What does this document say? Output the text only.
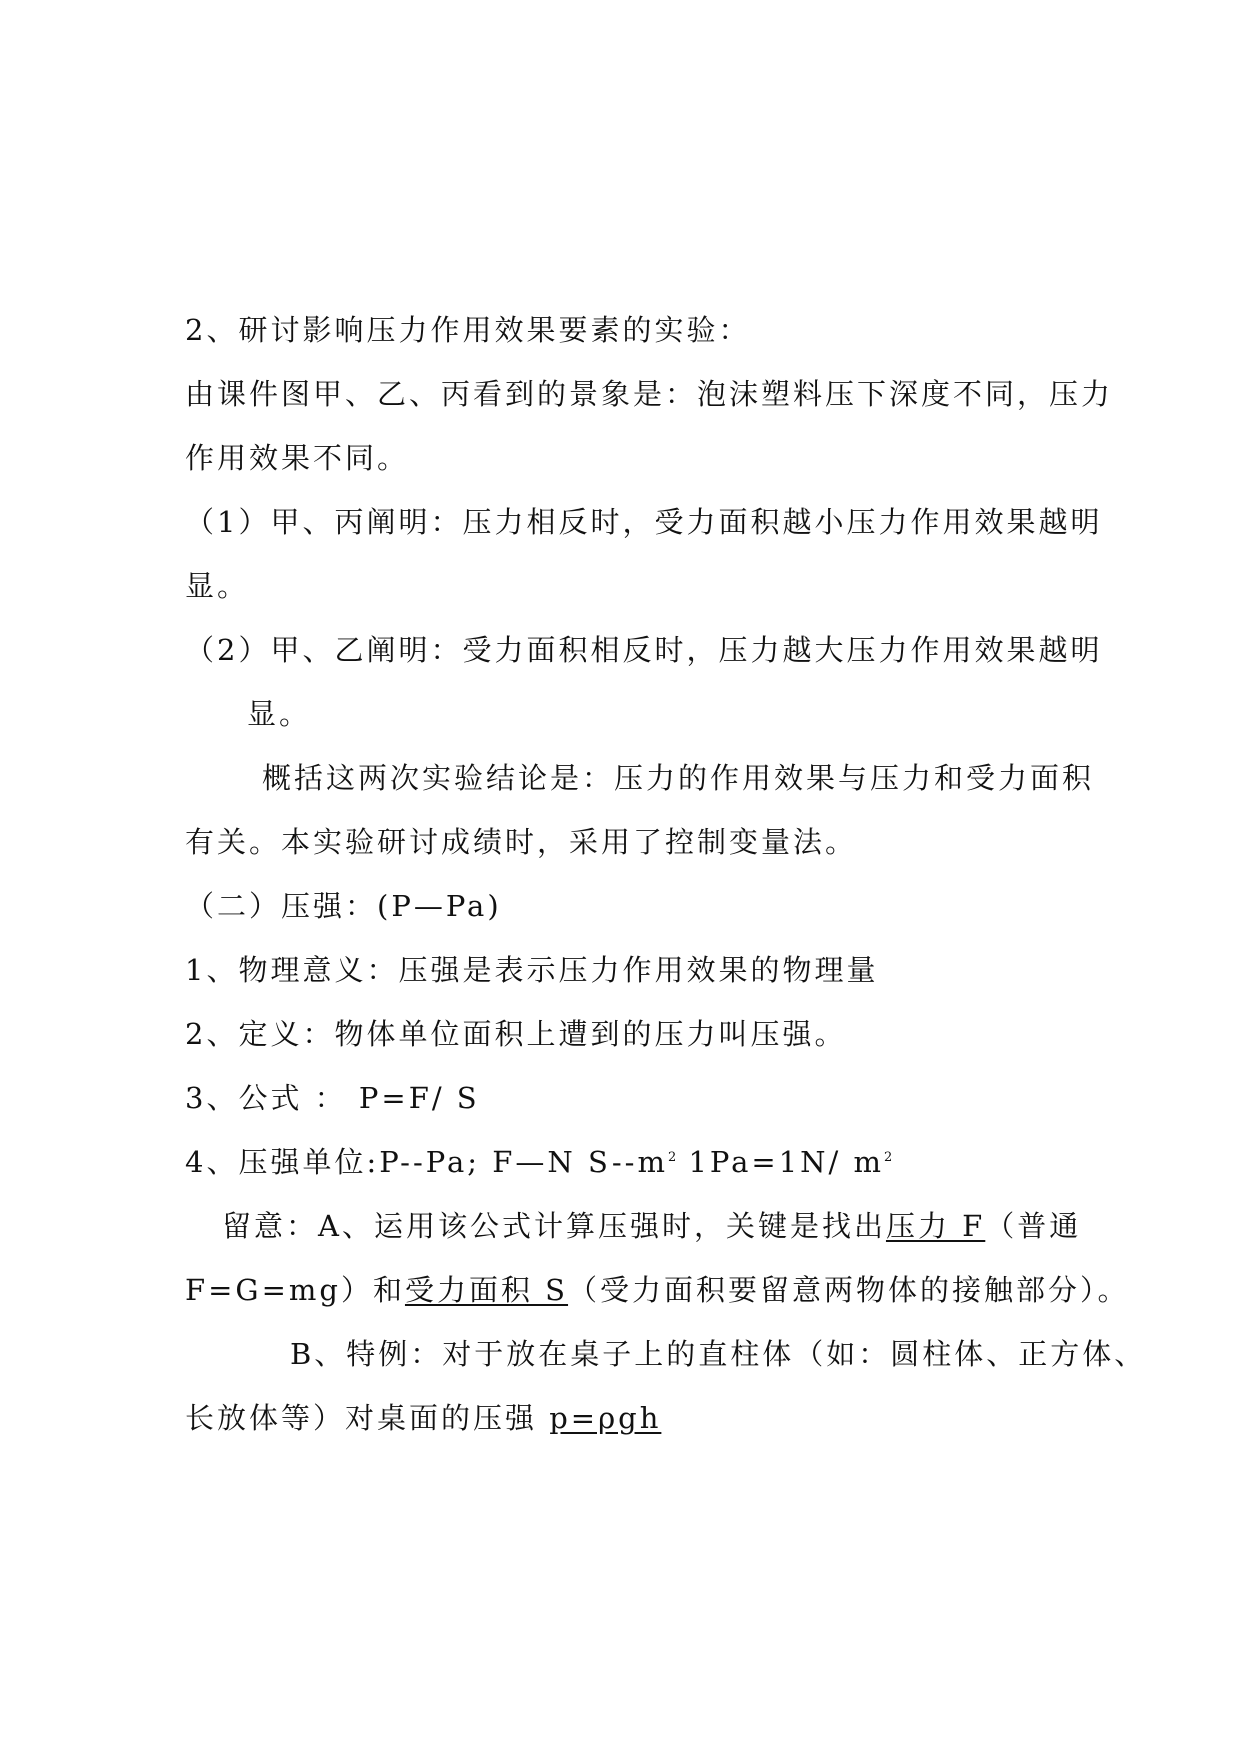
2、研讨影响压力作用效果要素的实验：
由课件图甲、乙、丙看到的景象是：泡沫塑料压下深度不同，压力
作用效果不同。
（1）甲、丙阐明：压力相反时，受力面积越小压力作用效果越明
显。
（2）甲、乙阐明：受力面积相反时，压力越大压力作用效果越明
显。
概括这两次实验结论是：压力的作用效果与压力和受力面积
有关。本实验研讨成绩时，采用了控制变量法。
（二）压强：(P—Pa)
1、物理意义：压强是表示压力作用效果的物理量
2、定义：物体单位面积上遭到的压力叫压强。
3、公式 ： P=F/ S
4、压强单位:P--Pa; F—N $S--m^2$ 1Pa=1N/ $m^2$
留意：A、运用该公式计算压强时，关键是找出压力 F（普通
F=G=mg）和受力面积 S（受力面积要留意两物体的接触部分）。
B、特例：对于放在桌子上的直柱体（如：圆柱体、正方体、
长放体等）对桌面的压强 p=ρgh
